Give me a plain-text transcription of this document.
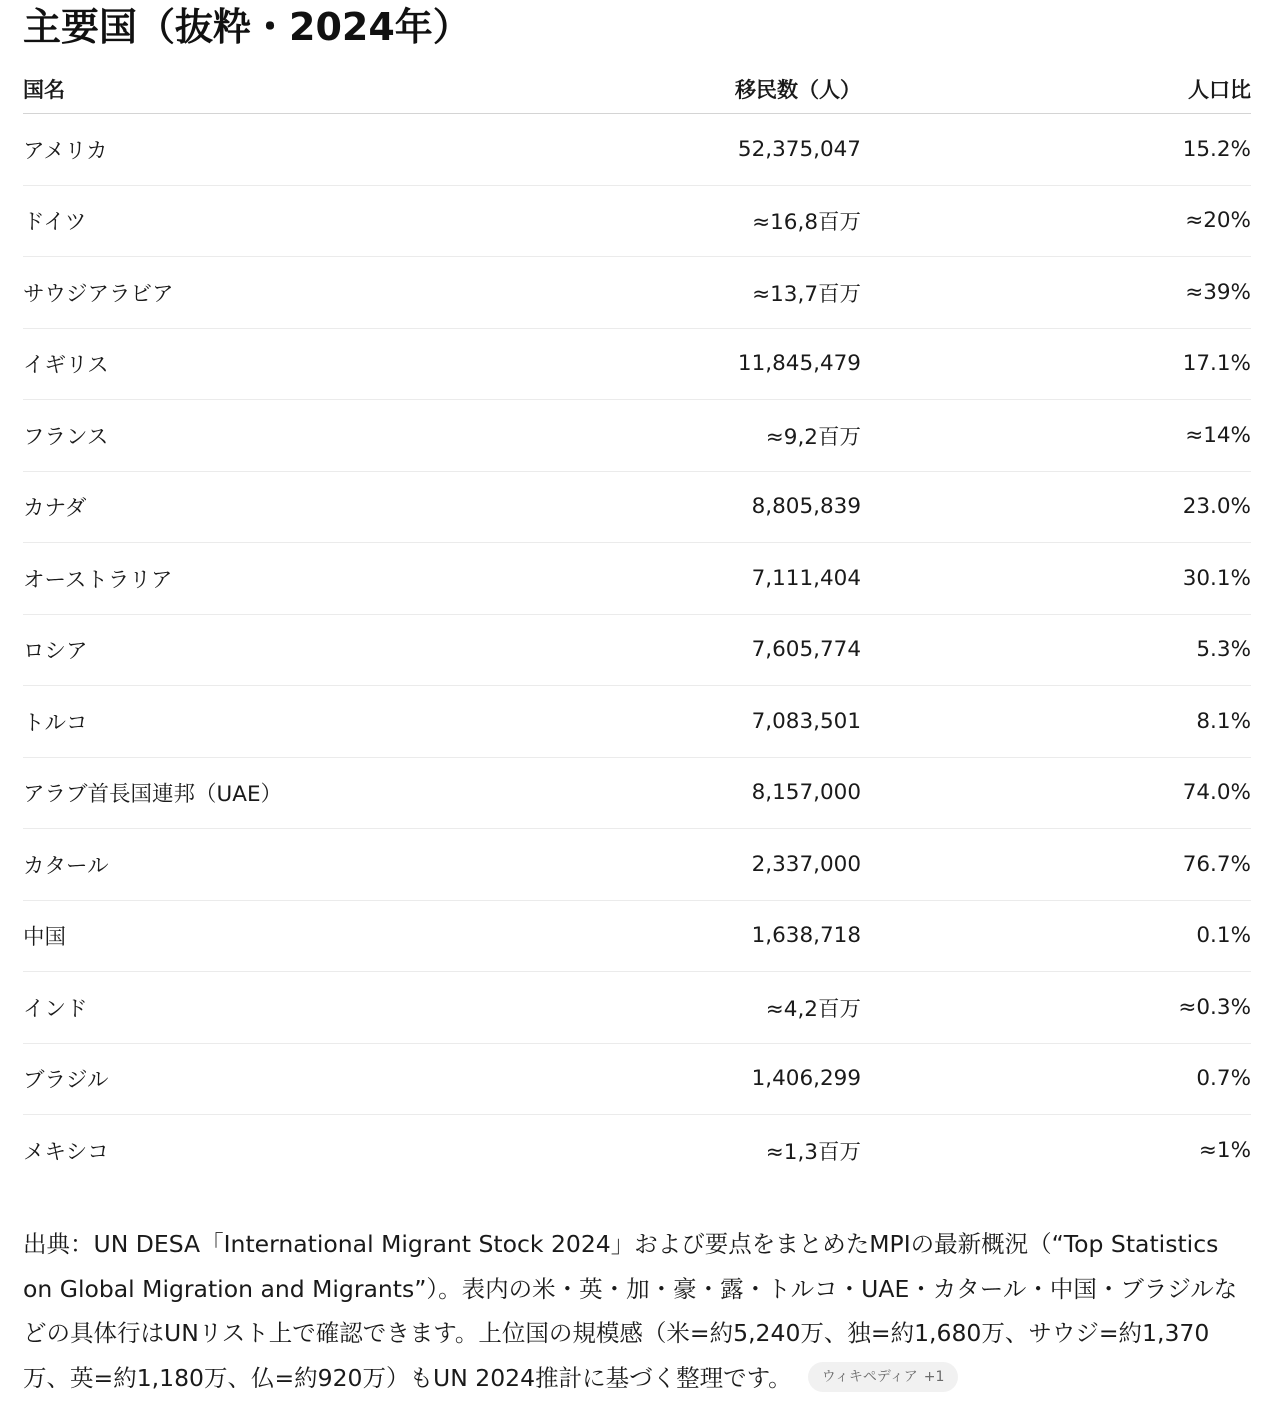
主要国（抜粋・2024年）
国名	移民数（人）	人口比
アメリカ	52,375,047	15.2%
ドイツ	≈16,8百万	≈20%
サウジアラビア	≈13,7百万	≈39%
イギリス	11,845,479	17.1%
フランス	≈9,2百万	≈14%
カナダ	8,805,839	23.0%
オーストラリア	7,111,404	30.1%
ロシア	7,605,774	5.3%
トルコ	7,083,501	8.1%
アラブ首長国連邦（UAE）	8,157,000	74.0%
カタール	2,337,000	76.7%
中国	1,638,718	0.1%
インド	≈4,2百万	≈0.3%
ブラジル	1,406,299	0.7%
メキシコ	≈1,3百万	≈1%
出典：UN DESA「International Migrant Stock 2024」および要点をまとめたMPIの最新概況（“Top Statistics on Global Migration and Migrants”）。表内の米・英・加・豪・露・トルコ・UAE・カタール・中国・ブラジルなどの具体行はUNリスト上で確認できます。上位国の規模感（米=約5,240万、独=約1,680万、サウジ=約1,370万、英=約1,180万、仏=約920万）もUN 2024推計に基づく整理です。 ウィキペディア +1
